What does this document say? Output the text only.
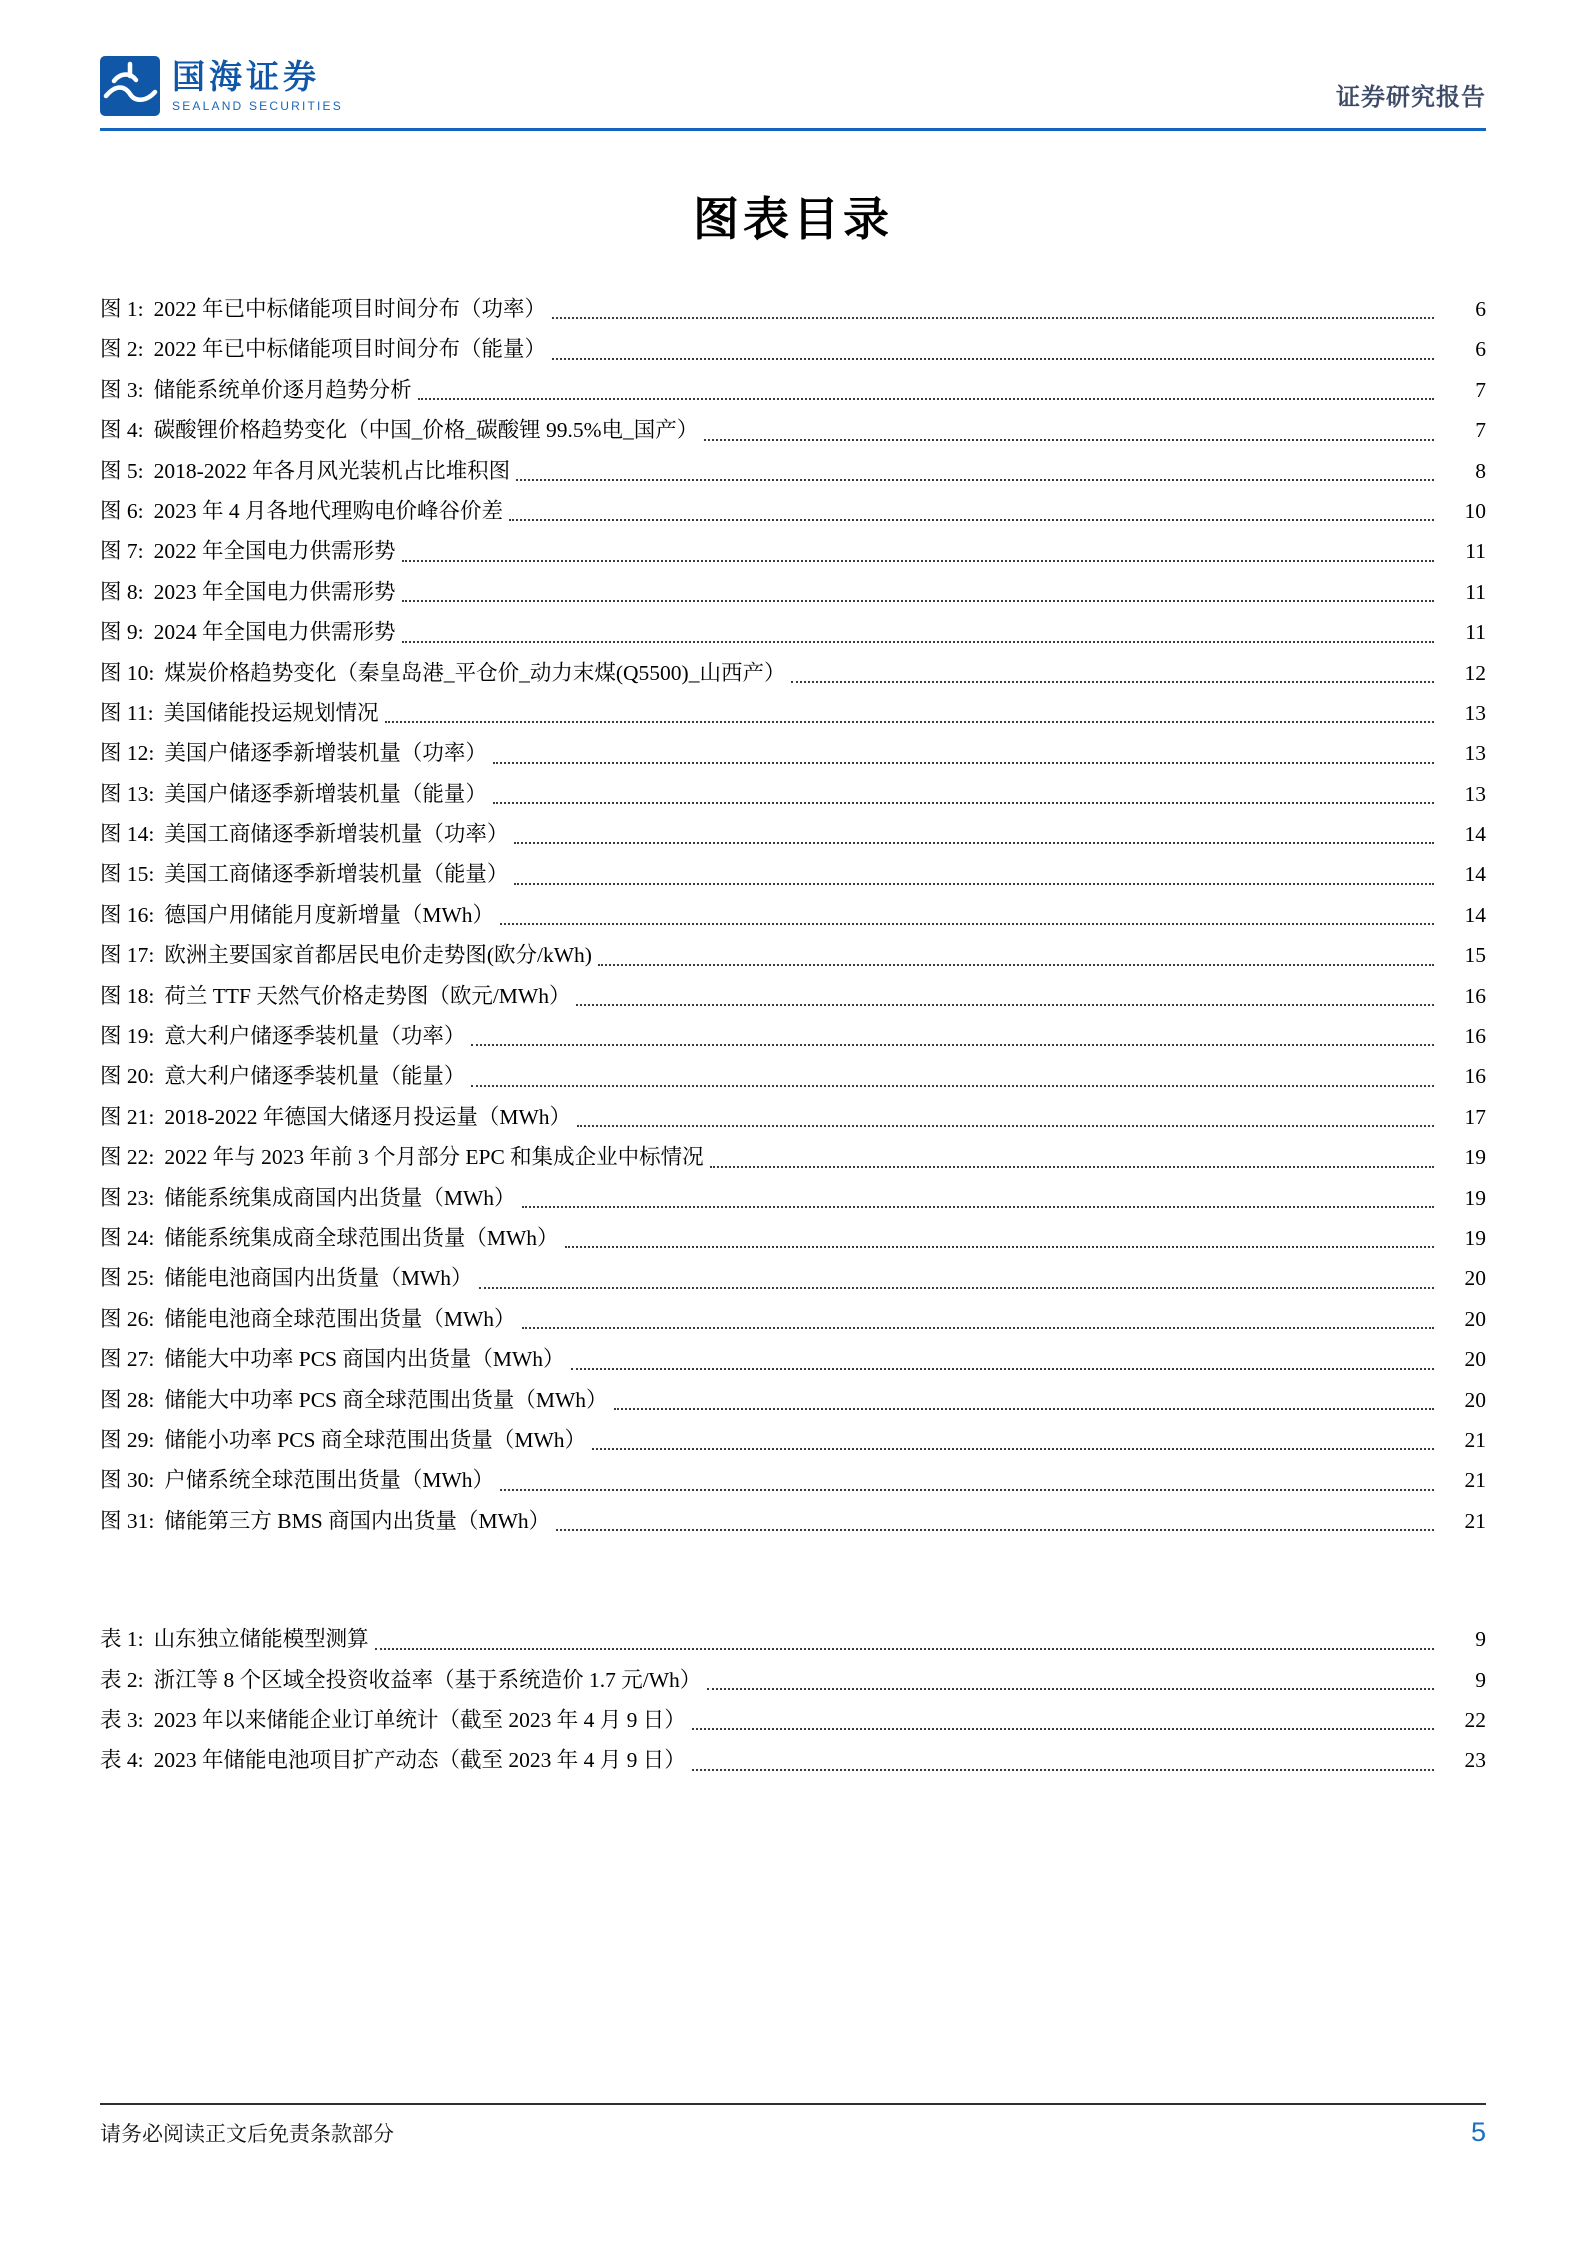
国海证券
SEALAND SECURITIES	证券研究报告
图表目录
图 1: 2022 年已中标储能项目时间分布（功率）	6
图 2: 2022 年已中标储能项目时间分布（能量）	6
图 3: 储能系统单价逐月趋势分析	7
图 4: 碳酸锂价格趋势变化（中国_价格_碳酸锂 99.5%电_国产）	7
图 5: 2018-2022 年各月风光装机占比堆积图	8
图 6: 2023 年 4 月各地代理购电价峰谷价差	10
图 7: 2022 年全国电力供需形势	11
图 8: 2023 年全国电力供需形势	11
图 9: 2024 年全国电力供需形势	11
图 10: 煤炭价格趋势变化（秦皇岛港_平仓价_动力末煤(Q5500)_山西产）	12
图 11: 美国储能投运规划情况	13
图 12: 美国户储逐季新增装机量（功率）	13
图 13: 美国户储逐季新增装机量（能量）	13
图 14: 美国工商储逐季新增装机量（功率）	14
图 15: 美国工商储逐季新增装机量（能量）	14
图 16: 德国户用储能月度新增量（MWh）	14
图 17: 欧洲主要国家首都居民电价走势图(欧分/kWh)	15
图 18: 荷兰 TTF 天然气价格走势图（欧元/MWh）	16
图 19: 意大利户储逐季装机量（功率）	16
图 20: 意大利户储逐季装机量（能量）	16
图 21: 2018-2022 年德国大储逐月投运量（MWh）	17
图 22: 2022 年与 2023 年前 3 个月部分 EPC 和集成企业中标情况	19
图 23: 储能系统集成商国内出货量（MWh）	19
图 24: 储能系统集成商全球范围出货量（MWh）	19
图 25: 储能电池商国内出货量（MWh）	20
图 26: 储能电池商全球范围出货量（MWh）	20
图 27: 储能大中功率 PCS 商国内出货量（MWh）	20
图 28: 储能大中功率 PCS 商全球范围出货量（MWh）	20
图 29: 储能小功率 PCS 商全球范围出货量（MWh）	21
图 30: 户储系统全球范围出货量（MWh）	21
图 31: 储能第三方 BMS 商国内出货量（MWh）	21
表 1: 山东独立储能模型测算	9
表 2: 浙江等 8 个区域全投资收益率（基于系统造价 1.7 元/Wh）	9
表 3: 2023 年以来储能企业订单统计（截至 2023 年 4 月 9 日）	22
表 4: 2023 年储能电池项目扩产动态（截至 2023 年 4 月 9 日）	23
请务必阅读正文后免责条款部分	5
